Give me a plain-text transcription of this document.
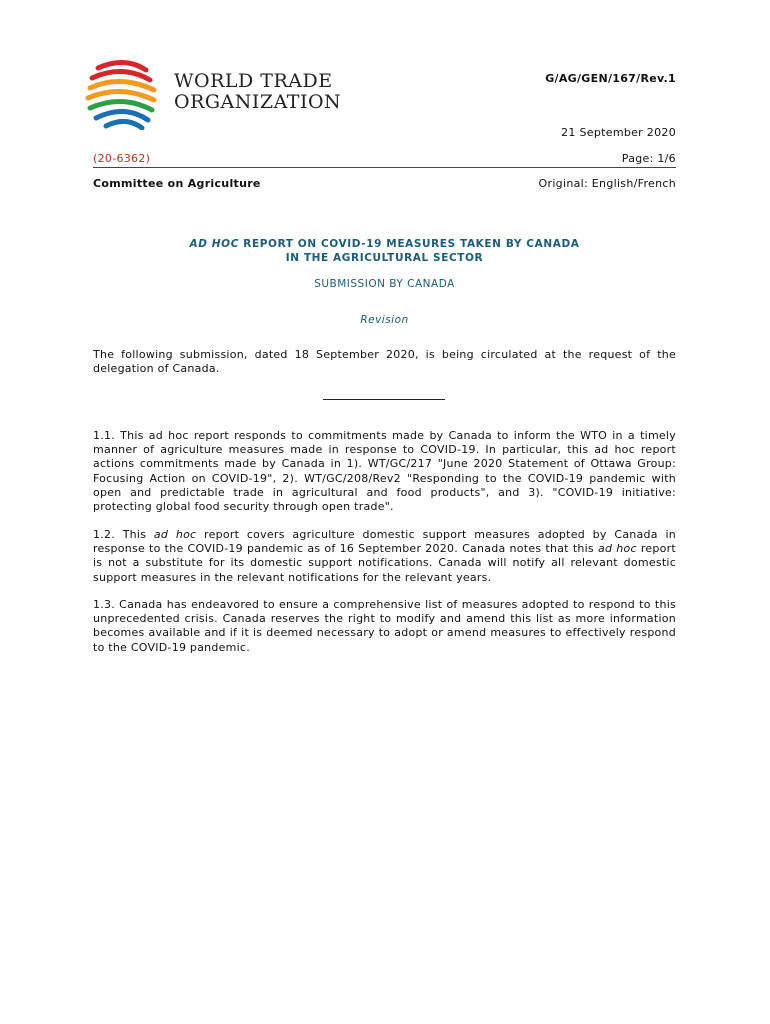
WORLD TRADE
ORGANIZATION
G/AG/GEN/167/Rev.1
21 September 2020
(20-6362)	Page: 1/6
Committee on Agriculture	Original: English/French
AD HOC REPORT ON COVID-19 MEASURES TAKEN BY CANADA
IN THE AGRICULTURAL SECTOR
SUBMISSION BY CANADA
Revision
The following submission, dated 18 September 2020, is being circulated at the request of the delegation of Canada.
1.1. This ad hoc report responds to commitments made by Canada to inform the WTO in a timely manner of agriculture measures made in response to COVID-19. In particular, this ad hoc report actions commitments made by Canada in 1). WT/GC/217 "June 2020 Statement of Ottawa Group: Focusing Action on COVID-19", 2). WT/GC/208/Rev2 "Responding to the COVID-19 pandemic with open and predictable trade in agricultural and food products", and 3). "COVID-19 initiative: protecting global food security through open trade".
1.2. This ad hoc report covers agriculture domestic support measures adopted by Canada in response to the COVID-19 pandemic as of 16 September 2020. Canada notes that this ad hoc report is not a substitute for its domestic support notifications. Canada will notify all relevant domestic support measures in the relevant notifications for the relevant years.
1.3. Canada has endeavored to ensure a comprehensive list of measures adopted to respond to this unprecedented crisis. Canada reserves the right to modify and amend this list as more information becomes available and if it is deemed necessary to adopt or amend measures to effectively respond to the COVID-19 pandemic.
